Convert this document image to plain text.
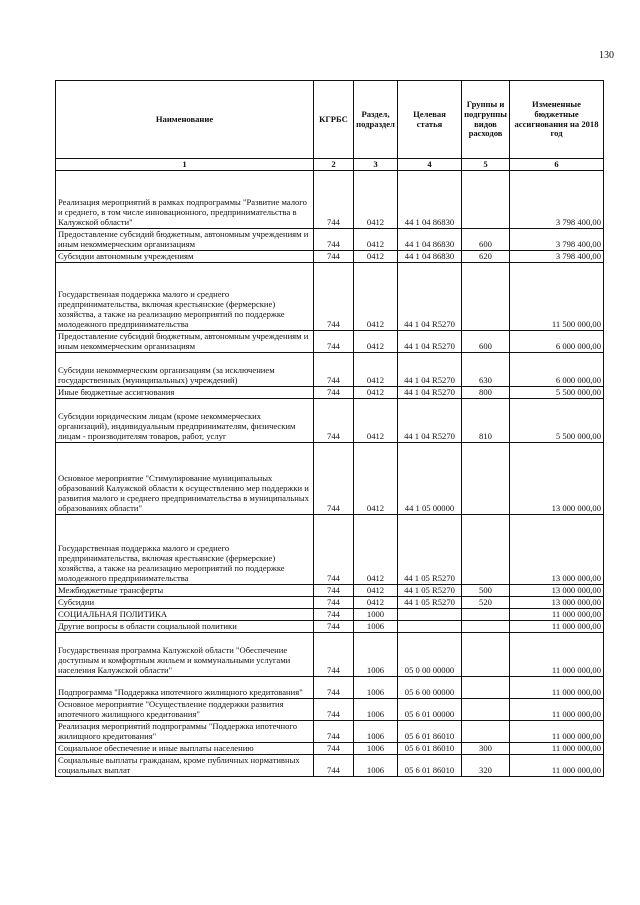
130
Наименование	КГРБС	Раздел, подраздел	Целевая статья	Группы и подгруппы видов расходов	Измененные бюджетные ассигнования на 2018 год
1	2	3	4	5	6
Реализация мероприятий в рамках подпрограммы "Развитие малого и среднего, в том числе инновационного, предпринимательства в Калужской области"	744	0412	44 1 04 86830		3 798 400,00
Предоставление субсидий бюджетным, автономным учреждениям и иным некоммерческим организациям	744	0412	44 1 04 86830	600	3 798 400,00
Субсидии автономным учреждениям	744	0412	44 1 04 86830	620	3 798 400,00
Государственная поддержка малого и среднего предпринимательства, включая крестьянские (фермерские) хозяйства, а также на реализацию мероприятий по поддержке молодежного предпринимательства	744	0412	44 1 04 R5270		11 500 000,00
Предоставление субсидий бюджетным, автономным учреждениям и иным некоммерческим организациям	744	0412	44 1 04 R5270	600	6 000 000,00
Субсидии некоммерческим организациям (за исключением государственных (муниципальных) учреждений)	744	0412	44 1 04 R5270	630	6 000 000,00
Иные бюджетные ассигнования	744	0412	44 1 04 R5270	800	5 500 000,00
Субсидии юридическим лицам (кроме некоммерческих организаций), индивидуальным предпринимателям, физическим лицам - производителям товаров, работ, услуг	744	0412	44 1 04 R5270	810	5 500 000,00
Основное мероприятие "Стимулирование муниципальных образований Калужской области к осуществлению мер поддержки и развития малого и среднего предпринимательства в муниципальных образованиях области"	744	0412	44 1 05 00000		13 000 000,00
Государственная поддержка малого и среднего предпринимательства, включая крестьянские (фермерские) хозяйства, а также на реализацию мероприятий по поддержке молодежного предпринимательства	744	0412	44 1 05 R5270		13 000 000,00
Межбюджетные трансферты	744	0412	44 1 05 R5270	500	13 000 000,00
Субсидии	744	0412	44 1 05 R5270	520	13 000 000,00
СОЦИАЛЬНАЯ ПОЛИТИКА	744	1000			11 000 000,00
Другие вопросы в области социальной политики	744	1006			11 000 000,00
Государственная программа Калужской области "Обеспечение доступным и комфортным жильем и коммунальными услугами населения Калужской области"	744	1006	05 0 00 00000		11 000 000,00
Подпрограмма "Поддержка ипотечного жилищного кредитования"	744	1006	05 6 00 00000		11 000 000,00
Основное мероприятие "Осуществление поддержки развития ипотечного жилищного кредитования"	744	1006	05 6 01 00000		11 000 000,00
Реализация мероприятий подпрограммы "Поддержка ипотечного жилищного кредитования"	744	1006	05 6 01 86010		11 000 000,00
Социальное обеспечение и иные выплаты населению	744	1006	05 6 01 86010	300	11 000 000,00
Социальные выплаты гражданам, кроме публичных нормативных социальных выплат	744	1006	05 6 01 86010	320	11 000 000,00
